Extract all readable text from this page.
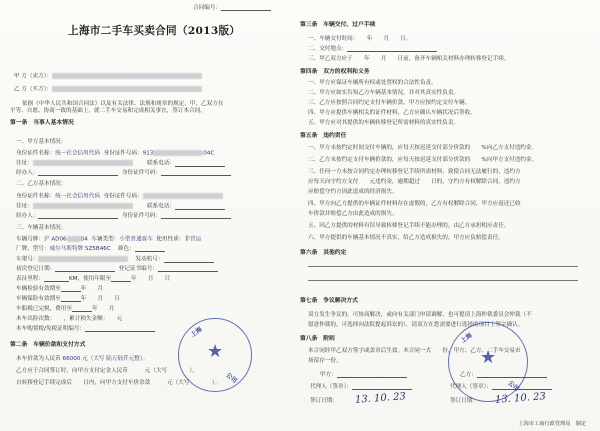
合同编号：
上海市二手车买卖合同（2013版）
甲 方（卖方）：
乙 方（买方）：
依据《中华人民共和国合同法》以及有关法律、法规和规章的规定，甲、乙双方在
平等、自愿、协商一致的基础上，就二手车交易和完成相关事宜，签订本合同。
第一条　当事人基本情况
一、甲方基本情况：
身份证件名称：统一社会信用代码 身份证件号码：913	04C
住址：	联系电话：
经办人：	身份证件号码：
二、乙方基本情况：
身份证件名称：统一社会信用代码 身份证件号码：
住址：	联系电话：
经办人：	身份证件号码：
三、车辆基本情况：
车辆号牌：沪 AD06	04 车辆类型：小型普通客车 使用性质：非营运
厂牌、型号：威尔马斯特牌 SZ5B46C 颜色：
车架号：	发动机号：
初次登记日期：	登记证书编号：
表征里程：	KM，使用年限至	年　　月　　日
车辆检验有效期至	年　　月
车辆保险有效期至	年　　月　　日
车船税已完税，费用至	年　　月
本车出险次数：　　，累计损失金额：　　元
本车购置税/免税证明编号：
第二条　车辆价款和支付方式
本车价款为人民币 66000 元（大写 陆万陆仟元整）。
乙方应于合同签订时，向甲方支付定金人民币　　　元（大写　　　　）。
自转移登记手续完成后　　日内，向甲方支付车价余款　　　元（大写　　　　）。
★
上海
公司
第三条　车辆交付、过户手续
一、车辆交付时间：　　年　　月　　日。
二、交付地点：
三、甲乙双方应于　　年　　月　　日前，备齐车辆相关材料办理转移登记手续。
第四条　双方的权利和义务
一、甲方应保证车辆所有权或处置权的合法性负责。
二、甲方应如实告知乙方车辆基本情况，并对其真实性负责。
三、乙方应按照合同约定支付车辆价款，甲方应按约定交付车辆。
四、甲方应提供车辆相关的证件材料，乙方应确认车辆状况后签收。
五、甲方应对其提供的车辆转移登记所需材料的真实性负责。
第五条　违约责任
一、甲方未按约定时间交付车辆的，应每天按迟延交付部分价款的　　%向乙方支付违约金。
二、乙方未按约定支付车辆价款的，应每天按迟延支付部分价款的　　%向甲方支付违约金。
三、任何一方未按合同约定办理转移登记手续所需材料，致使合同无法履行的，违约方
应每天向守约方支付　　元违约金，逾期超过　　日的，守约方有权解除合同，违约方
应赔偿守约方因此造成的经济损失。
四、甲方向乙方提供的车辆证件材料存在虚假的，乙方有权解除合同，甲方应返还已收
车价款并赔偿乙方由此造成的损失。
五、因乙方提供的材料有误导致转移登记手续不能办理的，由乙方承担相应责任。
六、甲方提供的车辆基本情况不真实，给乙方造成损失的，甲方应负赔偿责任。
第六条　其他约定
第七条　争议解决方式
双方发生争议的，可协商解决，或向有关部门申请调解，也可提请上海仲裁委员会仲裁（不
愿意仲裁的，可选择向法院提起诉讼的），请双方在您需要进行选择的项目上签字确认。
第八条　附则
本合同经甲乙双方签字或盖章后生效。本合同一式　　份，甲方、乙方、二手车交易市
场留存一份。
甲方：	乙方：
代理人（签章）：	代理人（签章）：
签订日期：	签订日期：
13. 10. 23	13. 10. 23
★
上海
公司
上海市工商行政管理局　制定
